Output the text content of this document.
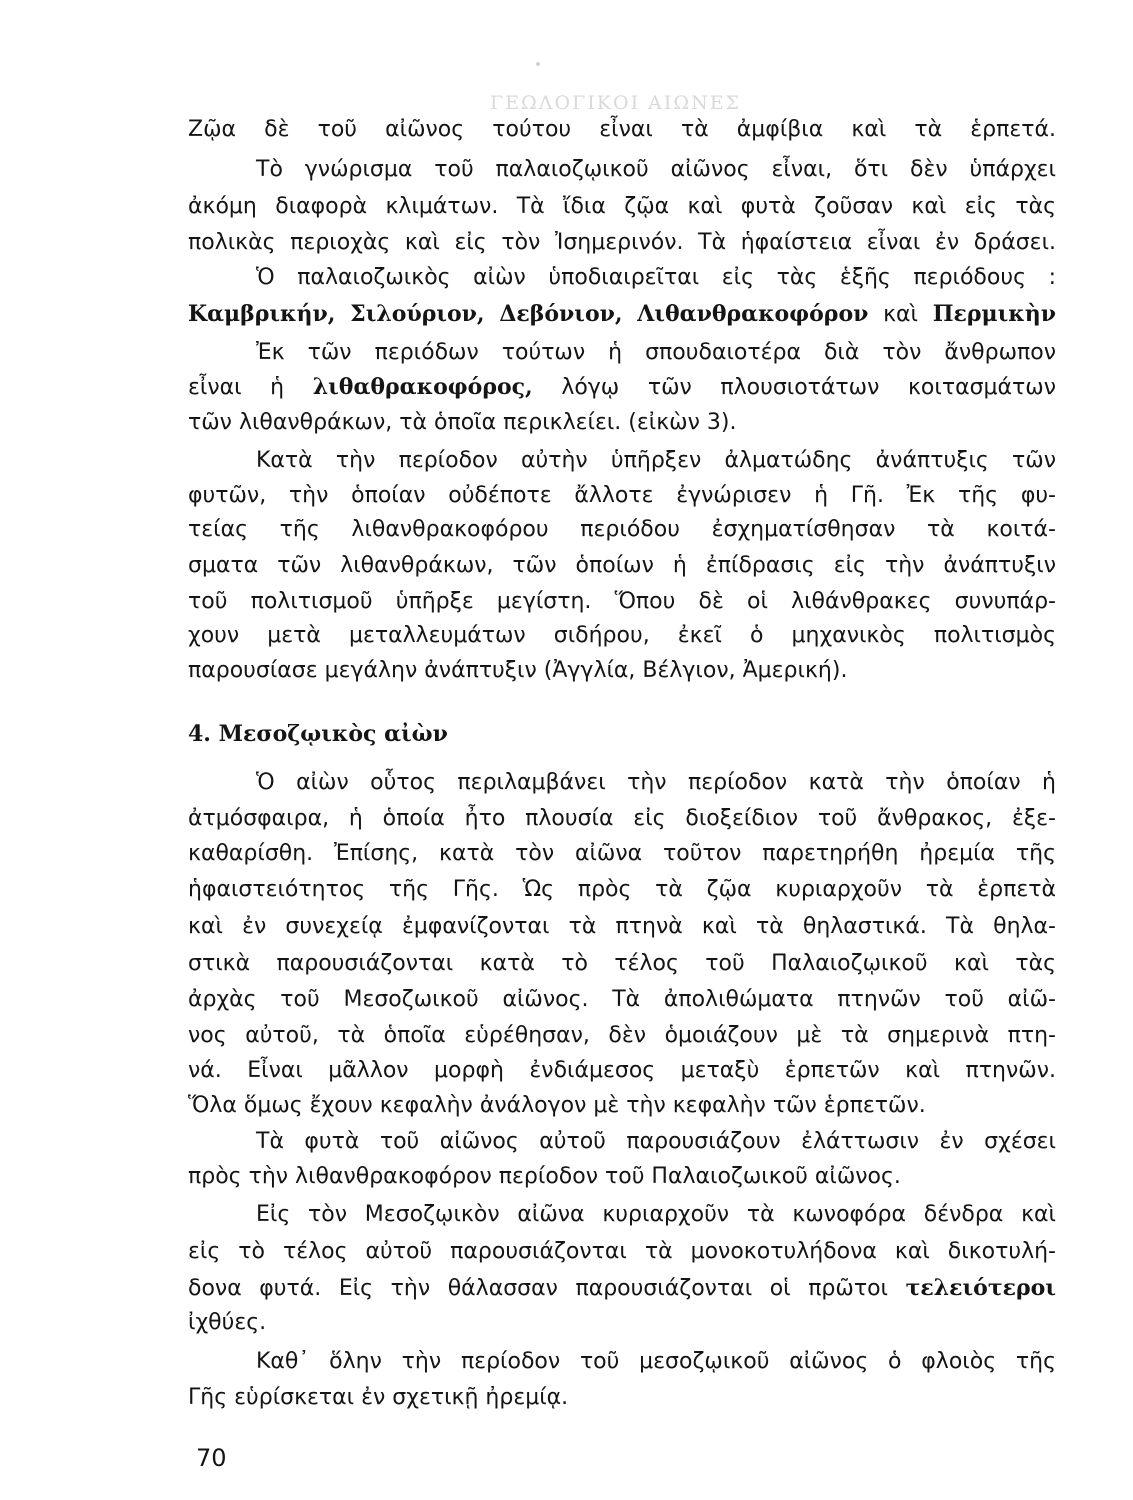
ΓΕΩΛΟΓΙΚΟΙ ΑΙΩΝΕΣ
Ζῷα δὲ τοῦ αἰῶνος τούτου εἶναι τὰ ἀμφίβια καὶ τὰ ἑρπετά.
Τὸ γνώρισμα τοῦ παλαιοζῳικοῦ αἰῶνος εἶναι, ὅτι δὲν ὑπάρχει
ἀκόμη διαφορὰ κλιμάτων. Τὰ ἴδια ζῷα καὶ φυτὰ ζοῦσαν καὶ εἰς τὰς
πολικὰς περιοχὰς καὶ εἰς τὸν Ἰσημερινόν. Τὰ ἡφαίστεια εἶναι ἐν δράσει.
Ὁ παλαιοζωικὸς αἰὼν ὑποδιαιρεῖται εἰς τὰς ἑξῆς περιόδους :
Καμβρικήν, Σιλούριον, Δεβόνιον, Λιθανθρακοφόρον καὶ Περμικὴν
Ἐκ τῶν περιόδων τούτων ἡ σπουδαιοτέρα διὰ τὸν ἄνθρωπον
εἶναι ἡ λιθαθρακοφόρος, λόγῳ τῶν πλουσιοτάτων κοιτασμάτων
τῶν λιθανθράκων, τὰ ὁποῖα περικλείει. (εἰκὼν 3).
Κατὰ τὴν περίοδον αὐτὴν ὑπῆρξεν ἀλματώδης ἀνάπτυξις τῶν
φυτῶν, τὴν ὁποίαν οὐδέποτε ἄλλοτε ἐγνώρισεν ἡ Γῆ. Ἐκ τῆς φυ-
τείας τῆς λιθανθρακοφόρου περιόδου ἐσχηματίσθησαν τὰ κοιτά-
σματα τῶν λιθανθράκων, τῶν ὁποίων ἡ ἐπίδρασις εἰς τὴν ἀνάπτυξιν
τοῦ πολιτισμοῦ ὑπῆρξε μεγίστη. Ὅπου δὲ οἱ λιθάνθρακες συνυπάρ-
χουν μετὰ μεταλλευμάτων σιδήρου, ἐκεῖ ὁ μηχανικὸς πολιτισμὸς
παρουσίασε μεγάλην ἀνάπτυξιν (Ἀγγλία, Βέλγιον, Ἀμερική).
4. Μεσοζῳικὸς αἰὼν
Ὁ αἰὼν οὗτος περιλαμβάνει τὴν περίοδον κατὰ τὴν ὁποίαν ἡ
ἀτμόσφαιρα, ἡ ὁποία ἦτο πλουσία εἰς διοξείδιον τοῦ ἄνθρακος, ἐξε-
καθαρίσθη. Ἐπίσης, κατὰ τὸν αἰῶνα τοῦτον παρετηρήθη ἠρεμία τῆς
ἡφαιστειότητος τῆς Γῆς. Ὡς πρὸς τὰ ζῷα κυριαρχοῦν τὰ ἑρπετὰ
καὶ ἐν συνεχείᾳ ἐμφανίζονται τὰ πτηνὰ καὶ τὰ θηλαστικά. Τὰ θηλα-
στικὰ παρουσιάζονται κατὰ τὸ τέλος τοῦ Παλαιοζῳικοῦ καὶ τὰς
ἀρχὰς τοῦ Μεσοζωικοῦ αἰῶνος. Τὰ ἀπολιθώματα πτηνῶν τοῦ αἰῶ-
νος αὐτοῦ, τὰ ὁποῖα εὑρέθησαν, δὲν ὁμοιάζουν μὲ τὰ σημερινὰ πτη-
νά. Εἶναι μᾶλλον μορφὴ ἐνδιάμεσος μεταξὺ ἑρπετῶν καὶ πτηνῶν.
Ὅλα ὅμως ἔχουν κεφαλὴν ἀνάλογον μὲ τὴν κεφαλὴν τῶν ἑρπετῶν.
Τὰ φυτὰ τοῦ αἰῶνος αὐτοῦ παρουσιάζουν ἐλάττωσιν ἐν σχέσει
πρὸς τὴν λιθανθρακοφόρον περίοδον τοῦ Παλαιοζωικοῦ αἰῶνος.
Εἰς τὸν Μεσοζῳικὸν αἰῶνα κυριαρχοῦν τὰ κωνοφόρα δένδρα καὶ
εἰς τὸ τέλος αὐτοῦ παρουσιάζονται τὰ μονοκοτυλήδονα καὶ δικοτυλή-
δονα φυτά. Εἰς τὴν θάλασσαν παρουσιάζονται οἱ πρῶτοι τελειότεροι
ἰχθύες.
Καθ᾽ ὅλην τὴν περίοδον τοῦ μεσοζῳικοῦ αἰῶνος ὁ φλοιὸς τῆς
Γῆς εὑρίσκεται ἐν σχετικῇ ἠρεμίᾳ.
70
